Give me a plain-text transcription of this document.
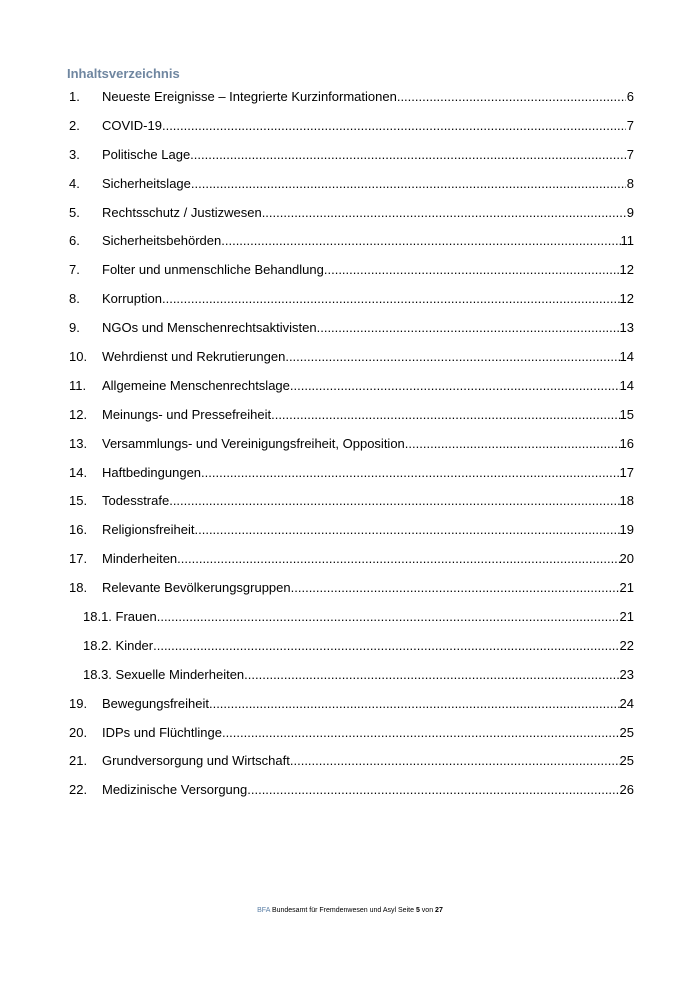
Inhaltsverzeichnis
1.	Neueste Ereignisse – Integrierte Kurzinformationen .....	6
2.	COVID-19 .....	7
3.	Politische Lage .....	7
4.	Sicherheitslage .....	8
5.	Rechtsschutz / Justizwesen .....	9
6.	Sicherheitsbehörden .....	11
7.	Folter und unmenschliche Behandlung .....	12
8.	Korruption .....	12
9.	NGOs und Menschenrechtsaktivisten .....	13
10.	Wehrdienst und Rekrutierungen .....	14
11.	Allgemeine Menschenrechtslage .....	14
12.	Meinungs- und Pressefreiheit .....	15
13.	Versammlungs- und Vereinigungsfreiheit, Opposition .....	16
14.	Haftbedingungen .....	17
15.	Todesstrafe .....	18
16.	Religionsfreiheit .....	19
17.	Minderheiten .....	20
18.	Relevante Bevölkerungsgruppen .....	21
18.1. Frauen .....	21
18.2. Kinder .....	22
18.3. Sexuelle Minderheiten .....	23
19.	Bewegungsfreiheit .....	24
20.	IDPs und Flüchtlinge .....	25
21.	Grundversorgung und Wirtschaft .....	25
22.	Medizinische Versorgung .....	26
BFA Bundesamt für Fremdenwesen und Asyl Seite 5 von 27
